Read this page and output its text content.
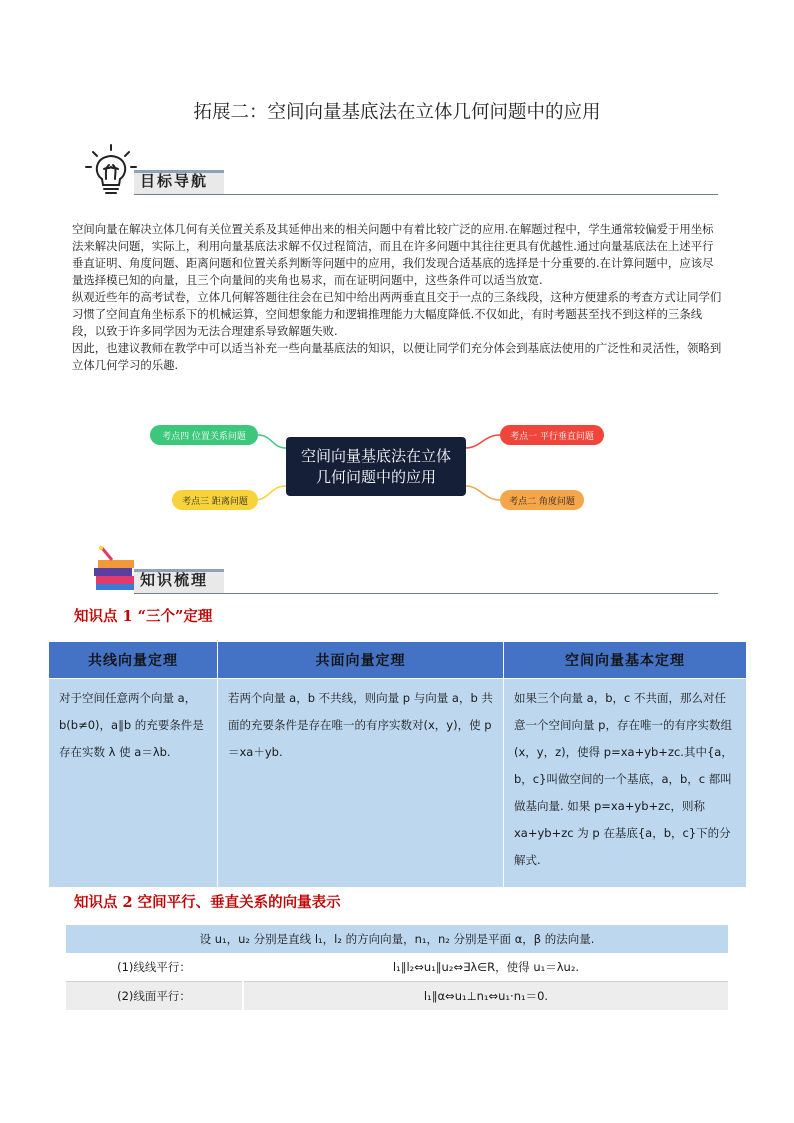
拓展二：空间向量基底法在立体几何问题中的应用
目标导航

空间向量在解决立体几何有关位置关系及其延伸出来的相关问题中有着比较广泛的应用.在解题过程中，学生通常较偏爱于用坐标法来解决问题，实际上，利用向量基底法求解不仅过程简洁，而且在许多问题中其往往更具有优越性.通过向量基底法在上述平行垂直证明、角度问题、距离问题和位置关系判断等问题中的应用，我们发现合适基底的选择是十分重要的.在计算问题中，应该尽量选择模已知的向量，且三个向量间的夹角也易求，而在证明问题中，这些条件可以适当放宽.

纵观近些年的高考试卷，立体几何解答题往往会在已知中给出两两垂直且交于一点的三条线段，这种方便建系的考查方式让同学们习惯了空间直角坐标系下的机械运算，空间想象能力和逻辑推理能力大幅度降低.不仅如此，有时考题甚至找不到这样的三条线段，以致于许多同学因为无法合理建系导致解题失败.

因此，也建议教师在教学中可以适当补充一些向量基底法的知识，以便让同学们充分体会到基底法使用的广泛性和灵活性，领略到立体几何学习的乐趣.

空间向量基底法在立体
几何问题中的应用
考点一 平行垂直问题
考点二 角度问题
考点三 距离问题
考点四 位置关系问题
知识梳理
知识点 1 “三个”定理
共线向量定理	共面向量定理	空间向量基本定理
对于空间任意两个向量 a，b(b≠0)，a∥b 的充要条件是存在实数 λ 使 a＝λb.	若两个向量 a，b 不共线，则向量 p 与向量 a，b 共面的充要条件是存在唯一的有序实数对(x，y)，使 p＝xa＋yb.	如果三个向量 a，b，c 不共面，那么对任意一个空间向量 p，存在唯一的有序实数组(x，y，z)，使得 p=xa+yb+zc.其中{a，b，c}叫做空间的一个基底，a，b，c 都叫做基向量. 如果 p=xa+yb+zc，则称 xa+yb+zc 为 p 在基底{a，b，c}下的分解式.
知识点 2 空间平行、垂直关系的向量表示
设 u₁，u₂ 分别是直线 l₁，l₂ 的方向向量，n₁，n₂ 分别是平面 α，β 的法向量.	
(1)线线平行：	l₁∥l₂⇔u₁∥u₂⇔∃λ∈R，使得 u₁＝λu₂.
(2)线面平行：	l₁∥α⇔u₁⊥n₁⇔u₁·n₁＝0.
